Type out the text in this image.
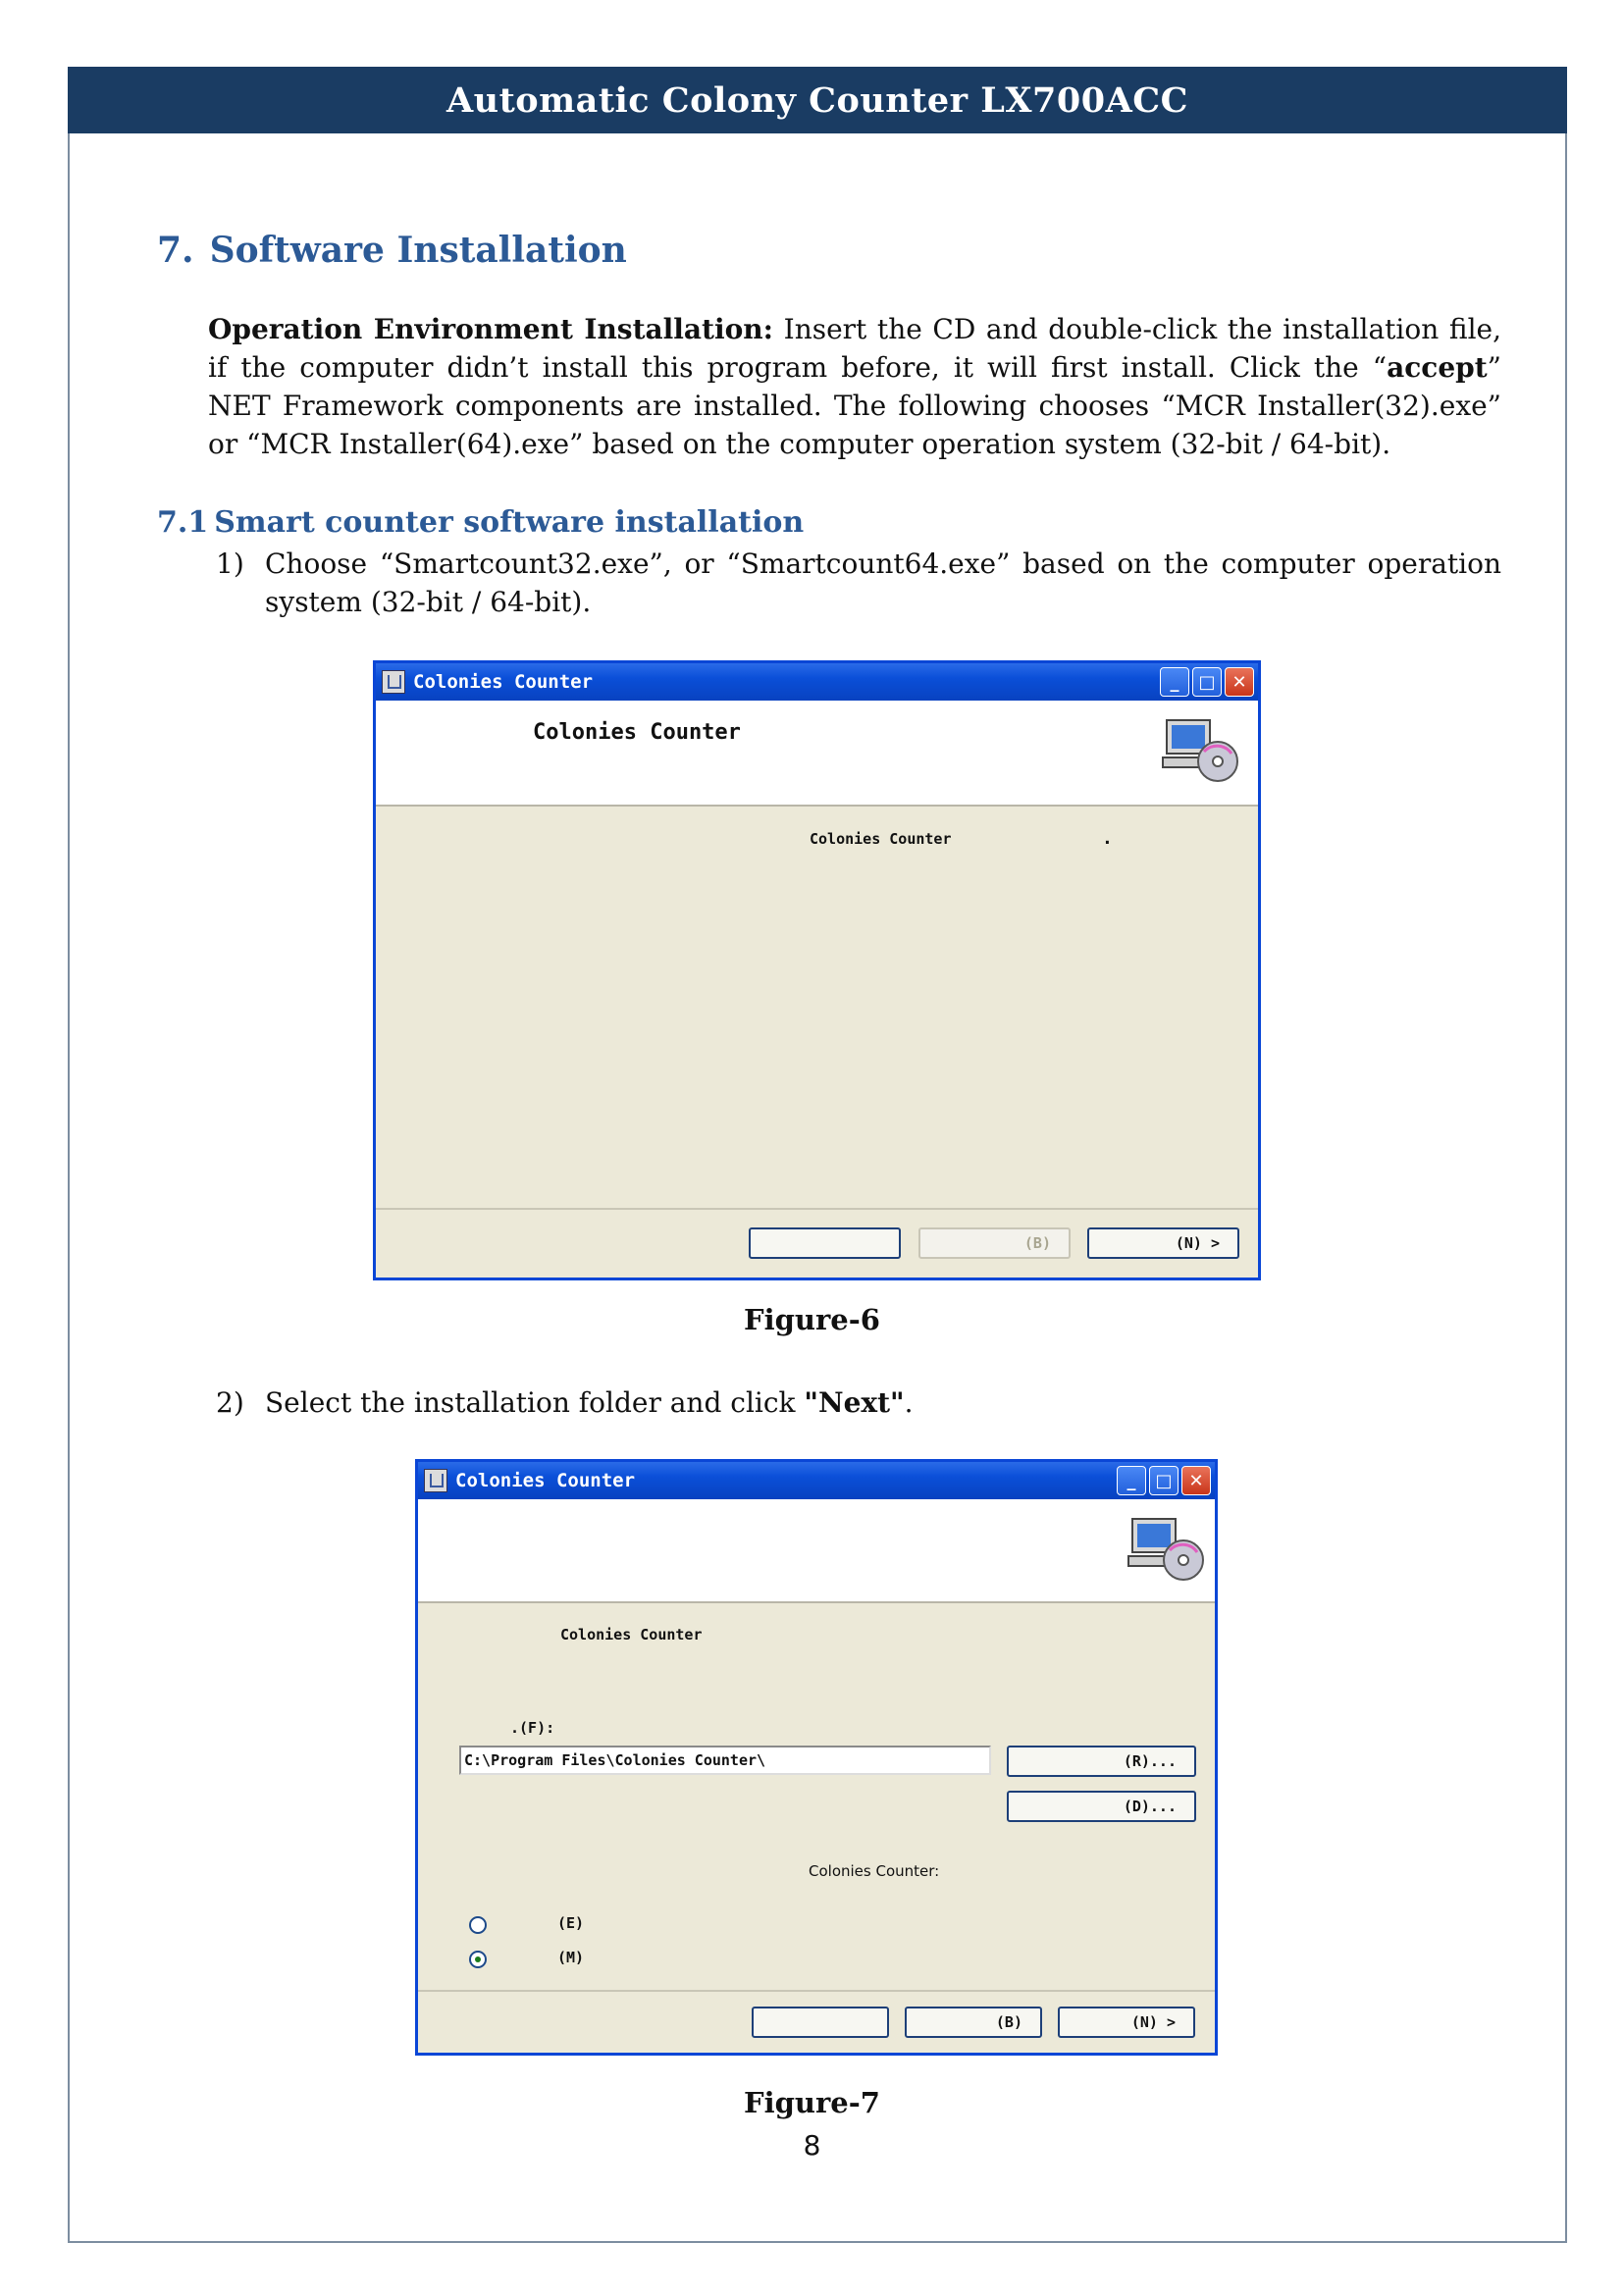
Automatic Colony Counter LX700ACC
7. Software Installation
Operation Environment Installation: Insert the CD and double-click the installation file, if the computer didn’t install this program before, it will first install. Click the “accept” NET Framework components are installed. The following chooses “MCR Installer(32).exe” or “MCR Installer(64).exe” based on the computer operation system (32-bit / 64-bit).
7.1 Smart counter software installation
1) Choose “Smartcount32.exe”, or “Smartcount64.exe” based on the computer operation system (32-bit / 64-bit).
Colonies Counter	_	□ ✕
Colonies Counter
Colonies Counter	.
(B)	(N) >
Figure-6
2) Select the installation folder and click "Next".
Colonies Counter	_	□ ✕
Colonies Counter
.(F):
C:\Program Files\Colonies Counter\	(R)...
(D)...
Colonies Counter:
(E)
(M)
(B)	(N) >
Figure-7
8
